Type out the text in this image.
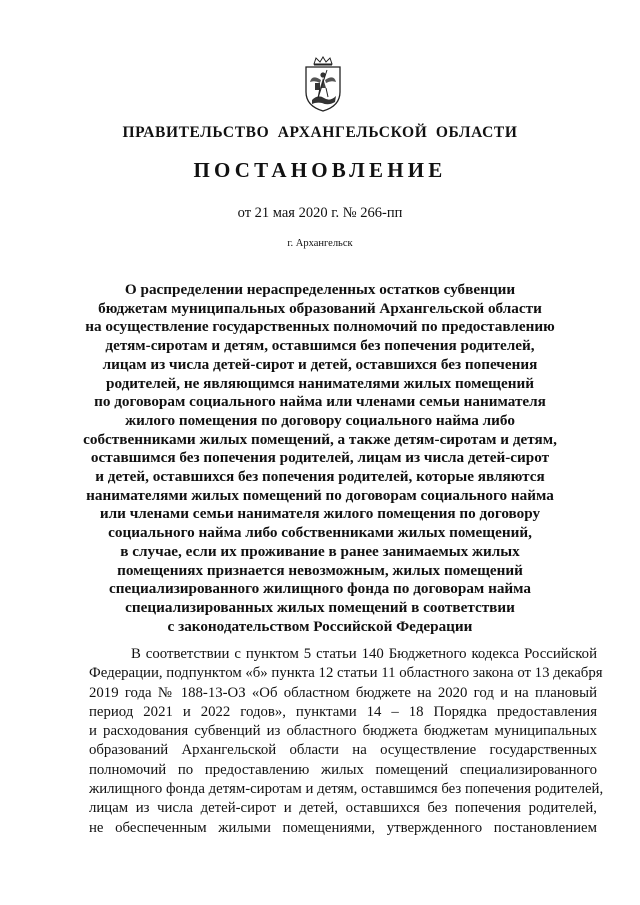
ПРАВИТЕЛЬСТВО АРХАНГЕЛЬСКОЙ ОБЛАСТИ
ПОСТАНОВЛЕНИЕ
от 21 мая 2020 г. № 266-пп
г. Архангельск
О распределении нераспределенных остатков субвенции
бюджетам муниципальных образований Архангельской области
на осуществление государственных полномочий по предоставлению
детям-сиротам и детям, оставшимся без попечения родителей,
лицам из числа детей-сирот и детей, оставшихся без попечения
родителей, не являющимся нанимателями жилых помещений
по договорам социального найма или членами семьи нанимателя
жилого помещения по договору социального найма либо
собственниками жилых помещений, а также детям-сиротам и детям,
оставшимся без попечения родителей, лицам из числа детей-сирот
и детей, оставшихся без попечения родителей, которые являются
нанимателями жилых помещений по договорам социального найма
или членами семьи нанимателя жилого помещения по договору
социального найма либо собственниками жилых помещений,
в случае, если их проживание в ранее занимаемых жилых
помещениях признается невозможным, жилых помещений
специализированного жилищного фонда по договорам найма
специализированных жилых помещений в соответствии
с законодательством Российской Федерации
В соответствии с пунктом 5 статьи 140 Бюджетного кодекса Российской
Федерации, подпунктом «б» пункта 12 статьи 11 областного закона от 13 декабря
2019 года № 188-13-ОЗ «Об областном бюджете на 2020 год и на плановый
период 2021 и 2022 годов», пунктами 14 – 18 Порядка предоставления
и расходования субвенций из областного бюджета бюджетам муниципальных
образований Архангельской области на осуществление государственных
полномочий по предоставлению жилых помещений специализированного
жилищного фонда детям-сиротам и детям, оставшимся без попечения родителей,
лицам из числа детей-сирот и детей, оставшихся без попечения родителей,
не обеспеченным жилыми помещениями, утвержденного постановлением
